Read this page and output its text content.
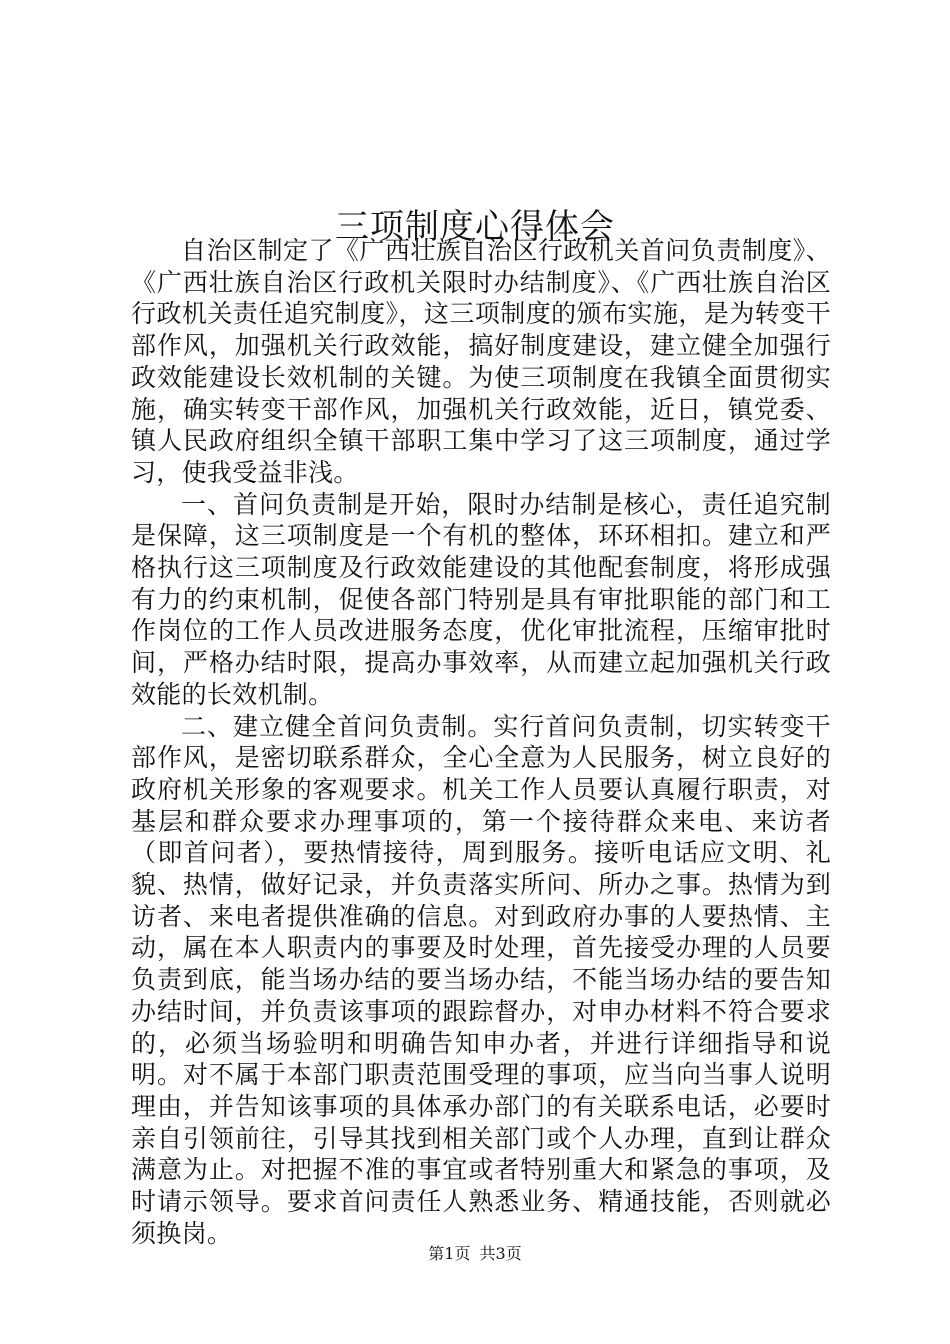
三项制度心得体会

自治区制定了《广西壮族自治区行政机关首问负责制度》、《广西壮族自治区行政机关限时办结制度》、《广西壮族自治区行政机关责任追究制度》，这三项制度的颁布实施，是为转变干部作风，加强机关行政效能，搞好制度建设，建立健全加强行政效能建设长效机制的关键。为使三项制度在我镇全面贯彻实施，确实转变干部作风，加强机关行政效能，近日，镇党委、镇人民政府组织全镇干部职工集中学习了这三项制度，通过学习，使我受益非浅。

一、首问负责制是开始，限时办结制是核心，责任追究制是保障，这三项制度是一个有机的整体，环环相扣。建立和严格执行这三项制度及行政效能建设的其他配套制度，将形成强有力的约束机制，促使各部门特别是具有审批职能的部门和工作岗位的工作人员改进服务态度，优化审批流程，压缩审批时间，严格办结时限，提高办事效率，从而建立起加强机关行政效能的长效机制。

二、建立健全首问负责制。实行首问负责制，切实转变干部作风，是密切联系群众，全心全意为人民服务，树立良好的政府机关形象的客观要求。机关工作人员要认真履行职责，对基层和群众要求办理事项的，第一个接待群众来电、来访者（即首问者），要热情接待，周到服务。接听电话应文明、礼貌、热情，做好记录，并负责落实所问、所办之事。热情为到访者、来电者提供准确的信息。对到政府办事的人要热情、主动，属在本人职责内的事要及时处理，首先接受办理的人员要负责到底，能当场办结的要当场办结，不能当场办结的要告知办结时间，并负责该事项的跟踪督办，对申办材料不符合要求的，必须当场验明和明确告知申办者，并进行详细指导和说明。对不属于本部门职责范围受理的事项，应当向当事人说明理由，并告知该事项的具体承办部门的有关联系电话，必要时亲自引领前往，引导其找到相关部门或个人办理，直到让群众满意为止。对把握不准的事宜或者特别重大和紧急的事项，及时请示领导。要求首问责任人熟悉业务、精通技能，否则就必须换岗。

第1页 共3页
